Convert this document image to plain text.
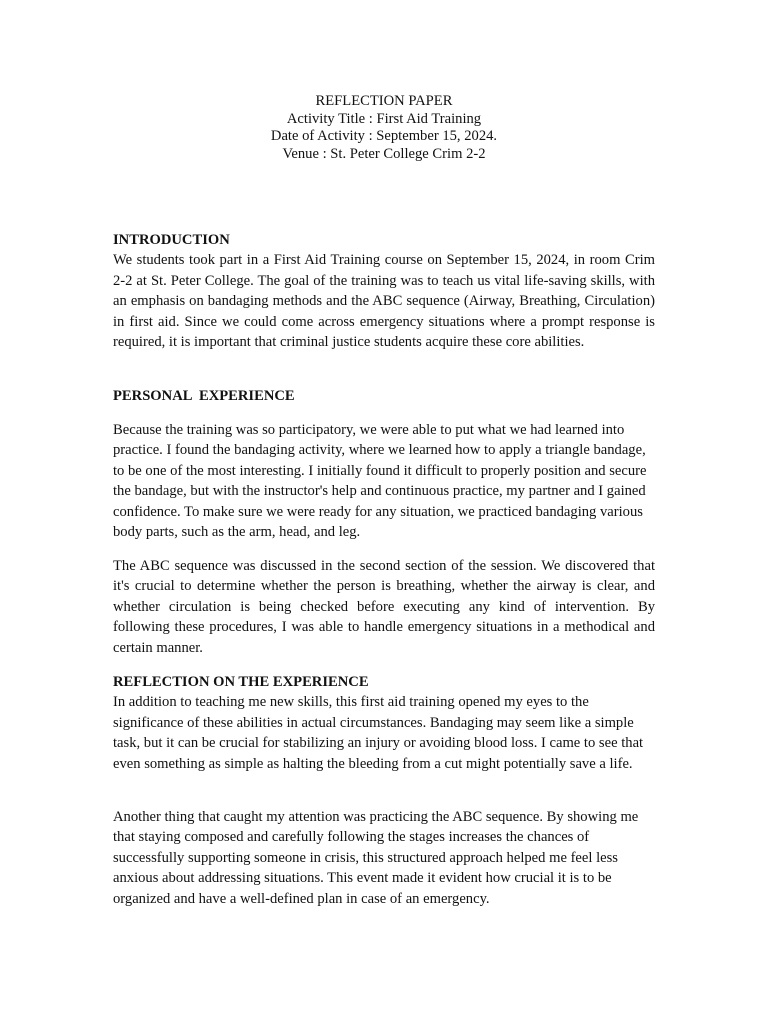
REFLECTION PAPER
Activity Title : First Aid Training
Date of Activity : September 15, 2024.
Venue : St. Peter College Crim 2-2

INTRODUCTION

We students took part in a First Aid Training course on September 15, 2024, in room Crim 2-2 at St. Peter College. The goal of the training was to teach us vital life-saving skills, with an emphasis on bandaging methods and the ABC sequence (Airway, Breathing, Circulation) in first aid. Since we could come across emergency situations where a prompt response is required, it is important that criminal justice students acquire these core abilities.

PERSONAL  EXPERIENCE

Because the training was so participatory, we were able to put what we had learned into practice. I found the bandaging activity, where we learned how to apply a triangle bandage, to be one of the most interesting. I initially found it difficult to properly position and secure the bandage, but with the instructor's help and continuous practice, my partner and I gained confidence. To make sure we were ready for any situation, we practiced bandaging various body parts, such as the arm, head, and leg.

The ABC sequence was discussed in the second section of the session. We discovered that it's crucial to determine whether the person is breathing, whether the airway is clear, and whether circulation is being checked before executing any kind of intervention. By following these procedures, I was able to handle emergency situations in a methodical and certain manner.

REFLECTION ON THE EXPERIENCE

In addition to teaching me new skills, this first aid training opened my eyes to the significance of these abilities in actual circumstances. Bandaging may seem like a simple task, but it can be crucial for stabilizing an injury or avoiding blood loss. I came to see that even something as simple as halting the bleeding from a cut might potentially save a life.

Another thing that caught my attention was practicing the ABC sequence. By showing me that staying composed and carefully following the stages increases the chances of successfully supporting someone in crisis, this structured approach helped me feel less anxious about addressing situations. This event made it evident how crucial it is to be organized and have a well-defined plan in case of an emergency.
